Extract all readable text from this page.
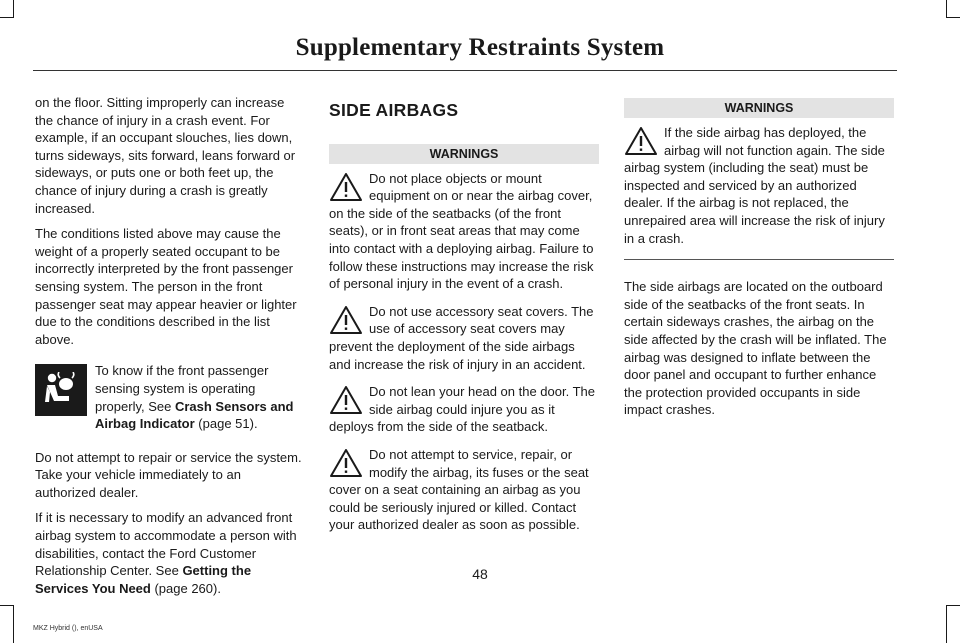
Supplementary Restraints System

on the floor. Sitting improperly can increase the chance of injury in a crash event. For example, if an occupant slouches, lies down, turns sideways, sits forward, leans forward or sideways, or puts one or both feet up, the chance of injury during a crash is greatly increased.

The conditions listed above may cause the weight of a properly seated occupant to be incorrectly interpreted by the front passenger sensing system. The person in the front passenger seat may appear heavier or lighter due to the conditions described in the list above.

To know if the front passenger sensing system is operating properly, See Crash Sensors and Airbag Indicator (page 51).

Do not attempt to repair or service the system. Take your vehicle immediately to an authorized dealer.

If it is necessary to modify an advanced front airbag system to accommodate a person with disabilities, contact the Ford Customer Relationship Center. See Getting the Services You Need (page 260).

SIDE AIRBAGS
WARNINGS
Do not place objects or mount equipment on or near the airbag cover, on the side of the seatbacks (of the front seats), or in front seat areas that may come into contact with a deploying airbag. Failure to follow these instructions may increase the risk of personal injury in the event of a crash.
Do not use accessory seat covers. The use of accessory seat covers may prevent the deployment of the side airbags and increase the risk of injury in an accident.
Do not lean your head on the door. The side airbag could injure you as it deploys from the side of the seatback.
Do not attempt to service, repair, or modify the airbag, its fuses or the seat cover on a seat containing an airbag as you could be seriously injured or killed. Contact your authorized dealer as soon as possible.
WARNINGS
If the side airbag has deployed, the airbag will not function again. The side airbag system (including the seat) must be inspected and serviced by an authorized dealer. If the airbag is not replaced, the unrepaired area will increase the risk of injury in a crash.

The side airbags are located on the outboard side of the seatbacks of the front seats. In certain sideways crashes, the airbag on the side affected by the crash will be inflated. The airbag was designed to inflate between the door panel and occupant to further enhance the protection provided occupants in side impact crashes.

48
MKZ Hybrid (), enUSA
